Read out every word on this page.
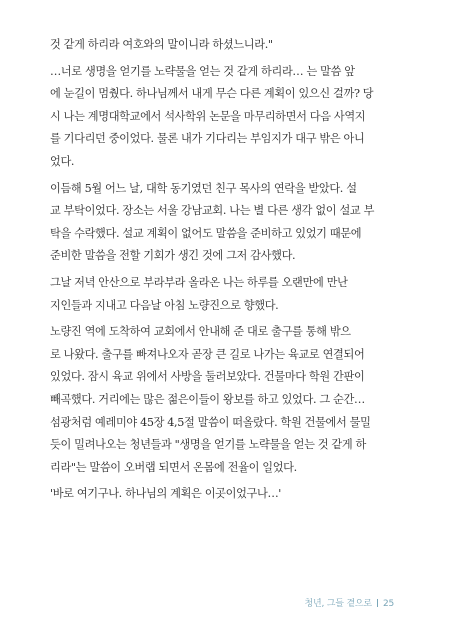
것 같게 하리라 여호와의 말이니라 하셨느니라."

…너로 생명을 얻기를 노략물을 얻는 것 같게 하리라… 는 말씀 앞
에 눈길이 멈췄다. 하나님께서 내게 무슨 다른 계획이 있으신 걸까? 당
시 나는 계명대학교에서 석사학위 논문을 마무리하면서 다음 사역지
를 기다리던 중이었다. 물론 내가 기다리는 부임지가 대구 밖은 아니
었다.

이듬해 5월 어느 날, 대학 동기였던 친구 목사의 연락을 받았다. 설
교 부탁이었다. 장소는 서울 강남교회. 나는 별 다른 생각 없이 설교 부
탁을 수락했다. 설교 계획이 없어도 말씀을 준비하고 있었기 때문에
준비한 말씀을 전할 기회가 생긴 것에 그저 감사했다.

그날 저녁 안산으로 부라부라 올라온 나는 하루를 오랜만에 만난
지인들과 지내고 다음날 아침 노량진으로 향했다.

노량진 역에 도착하여 교회에서 안내해 준 대로 출구를 통해 밖으
로 나왔다. 출구를 빠져나오자 곧장 큰 길로 나가는 육교로 연결되어
있었다. 잠시 육교 위에서 사방을 둘러보았다. 건물마다 학원 간판이
빼곡했다. 거리에는 많은 젊은이들이 왕보를 하고 있었다. 그 순간…
섬광처럼 예레미야 45장 4,5절 말씀이 떠올랐다. 학원 건물에서 물밀
듯이 밀려나오는 청년들과 "생명을 얻기를 노략물을 얻는 것 같게 하
리라"는 말씀이 오버랩 되면서 온몸에 전율이 일었다.

'바로 여기구나. 하나님의 계획은 이곳이었구나…'

청년, 그들 곁으로 25
